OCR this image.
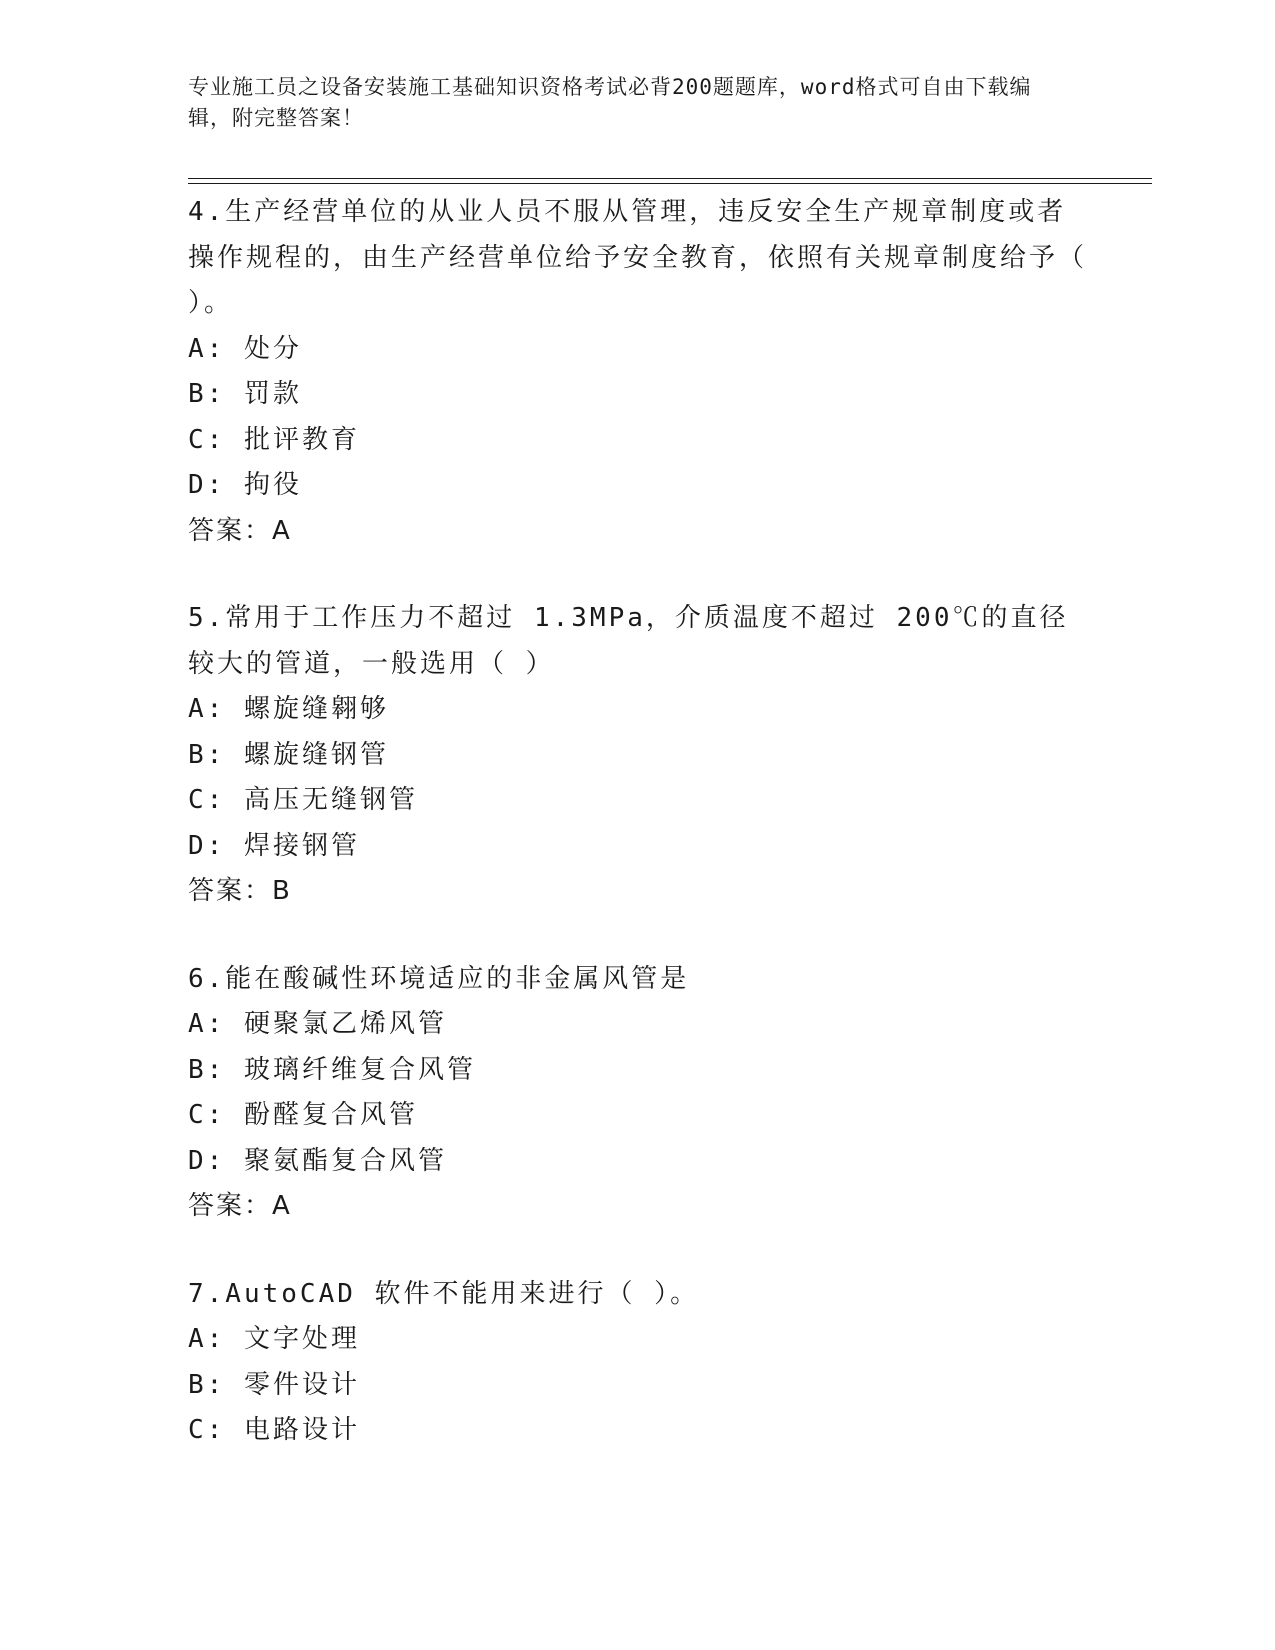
专业施工员之设备安装施工基础知识资格考试必背200题题库，word格式可自由下载编辑，附完整答案！
4.生产经营单位的从业人员不服从管理，违反安全生产规章制度或者操作规程的，由生产经营单位给予安全教育，依照有关规章制度给予（ ）。
A: 处分
B: 罚款
C: 批评教育
D: 拘役
答案：A
5.常用于工作压力不超过 1.3MPa，介质温度不超过 200℃的直径较大的管道，一般选用（ ）
A: 螺旋缝翱够
B: 螺旋缝钢管
C: 高压无缝钢管
D: 焊接钢管
答案：B
6.能在酸碱性环境适应的非金属风管是
A: 硬聚氯乙烯风管
B: 玻璃纤维复合风管
C: 酚醛复合风管
D: 聚氨酯复合风管
答案：A
7.AutoCAD 软件不能用来进行（ ）。
A: 文字处理
B: 零件设计
C: 电路设计
